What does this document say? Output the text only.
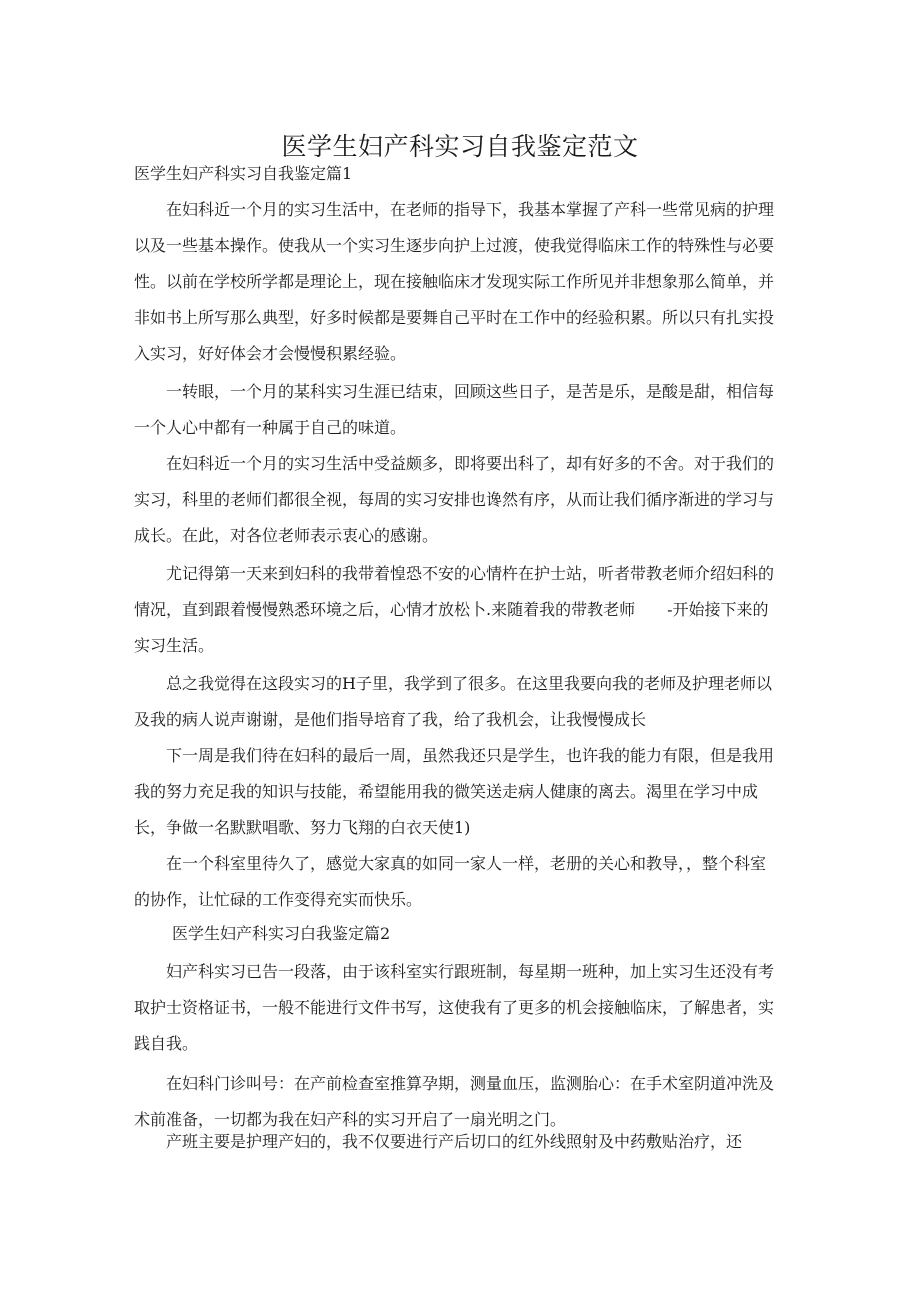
医学生妇产科实习自我鉴定范文
医学生妇产科实习自我鉴定篇1

在妇科近一个月的实习生活中，在老师的指导下，我基本掌握了产科一些常见病的护理以及一些基本操作。使我从一个实习生逐步向护上过渡，使我觉得临床工作的特殊性与必要性。以前在学校所学都是理论上，现在接触临床才发现实际工作所见并非想象那么简单，并非如书上所写那么典型，好多时候都是要舞自己平时在工作中的经验积累。所以只有扎实投入实习，好好体会才会慢慢积累经验。

一转眼，一个月的某科实习生涯已结束，回顾这些日子，是苦是乐，是酸是甜，相信每一个人心中都有一种属于自己的味道。

在妇科近一个月的实习生活中受益颇多，即将要出科了，却有好多的不舍。对于我们的实习，科里的老师们都很全视，每周的实习安排也谗然有序，从而让我们循序渐进的学习与成长。在此，对各位老师表示衷心的感谢。

尤记得第一天来到妇科的我带着惶恐不安的心情杵在护士站，听者带教老师介绍妇科的情况，直到跟着慢慢熟悉环境之后，心情才放松卜.来随着我的带教老师　　-开始接下来的实习生活。

总之我觉得在这段实习的H子里，我学到了很多。在这里我要向我的老师及护理老师以及我的病人说声谢谢，是他们指导培育了我，给了我机会，让我慢慢成长

下一周是我们待在妇科的最后一周，虽然我还只是学生，也许我的能力有限，但是我用我的努力充足我的知识与技能，希望能用我的微笑送走病人健康的离去。渴里在学习中成长，争做一名默默唱歌、努力飞翔的白衣天使1)

在一个科室里待久了，感觉大家真的如同一家人一样，老册的关心和教导，，整个科室的协作，让忙碌的工作变得充实而快乐。

医学生妇产科实习白我鉴定篇2

妇产科实习已告一段落，由于该科室实行跟班制，每星期一班种，加上实习生还没有考取护士资格证书，一般不能进行文件书写，这使我有了更多的机会接触临床，了解患者，实践自我。

在妇科门诊叫号：在产前检查室推算孕期，测量血压，监测胎心：在手术室阴道冲洗及术前准备，一切都为我在妇产科的实习开启了一扇光明之门。

产班主要是护理产妇的，我不仅要进行产后切口的红外线照射及中药敷贴治疗，还
